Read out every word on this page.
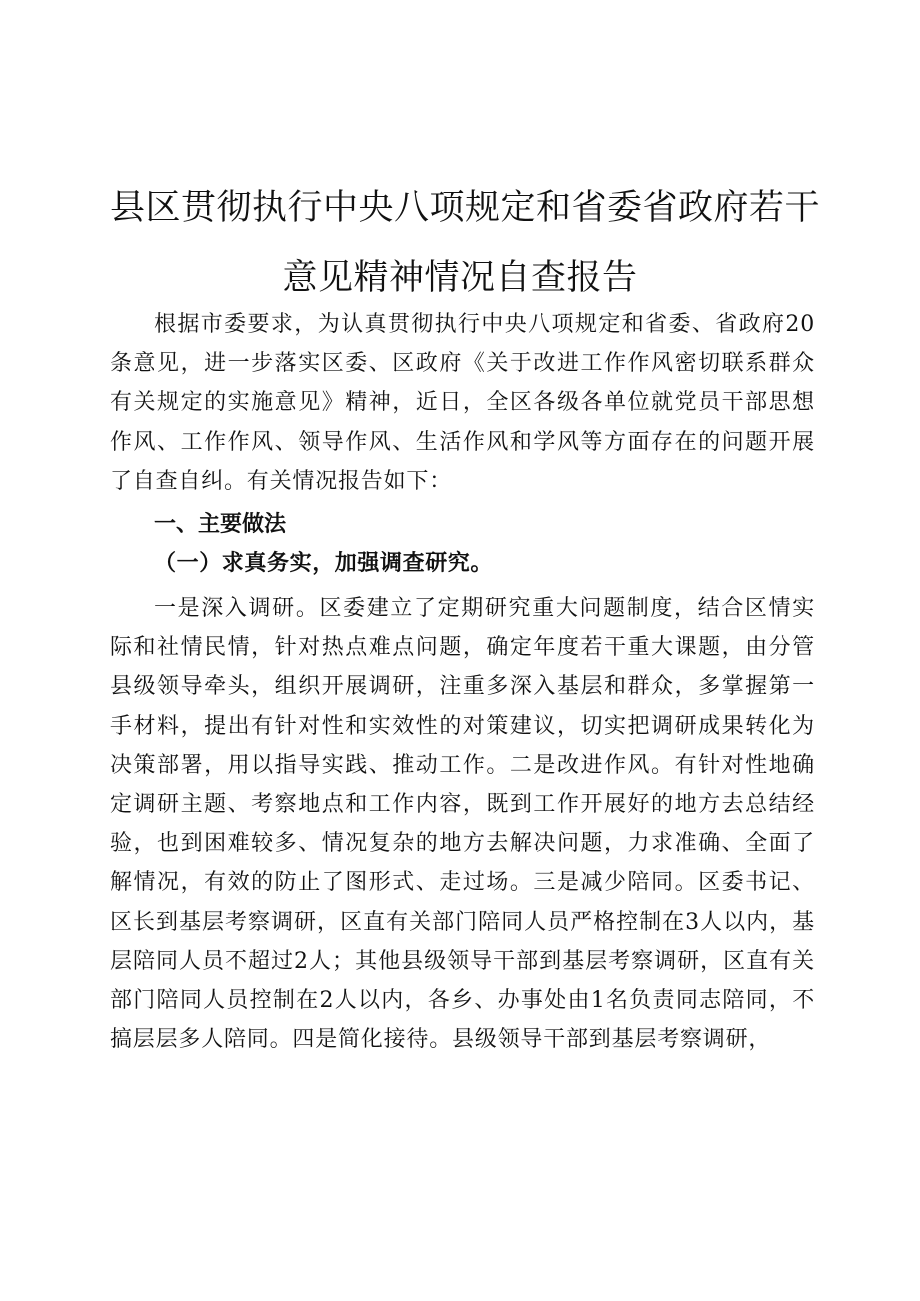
县区贯彻执行中央八项规定和省委省政府若干
意见精神情况自查报告

根据市委要求，为认真贯彻执行中央八项规定和省委、省政府20条意见，进一步落实区委、区政府《关于改进工作作风密切联系群众有关规定的实施意见》精神，近日，全区各级各单位就党员干部思想作风、工作作风、领导作风、生活作风和学风等方面存在的问题开展了自查自纠。有关情况报告如下：

一、主要做法
（一）求真务实，加强调查研究。

一是深入调研。区委建立了定期研究重大问题制度，结合区情实际和社情民情，针对热点难点问题，确定年度若干重大课题，由分管县级领导牵头，组织开展调研，注重多深入基层和群众，多掌握第一手材料，提出有针对性和实效性的对策建议，切实把调研成果转化为决策部署，用以指导实践、推动工作。二是改进作风。有针对性地确定调研主题、考察地点和工作内容，既到工作开展好的地方去总结经验，也到困难较多、情况复杂的地方去解决问题，力求准确、全面了解情况，有效的防止了图形式、走过场。三是减少陪同。区委书记、区长到基层考察调研，区直有关部门陪同人员严格控制在3人以内，基层陪同人员不超过2人；其他县级领导干部到基层考察调研，区直有关部门陪同人员控制在2人以内，各乡、办事处由1名负责同志陪同，不搞层层多人陪同。四是简化接待。县级领导干部到基层考察调研，
